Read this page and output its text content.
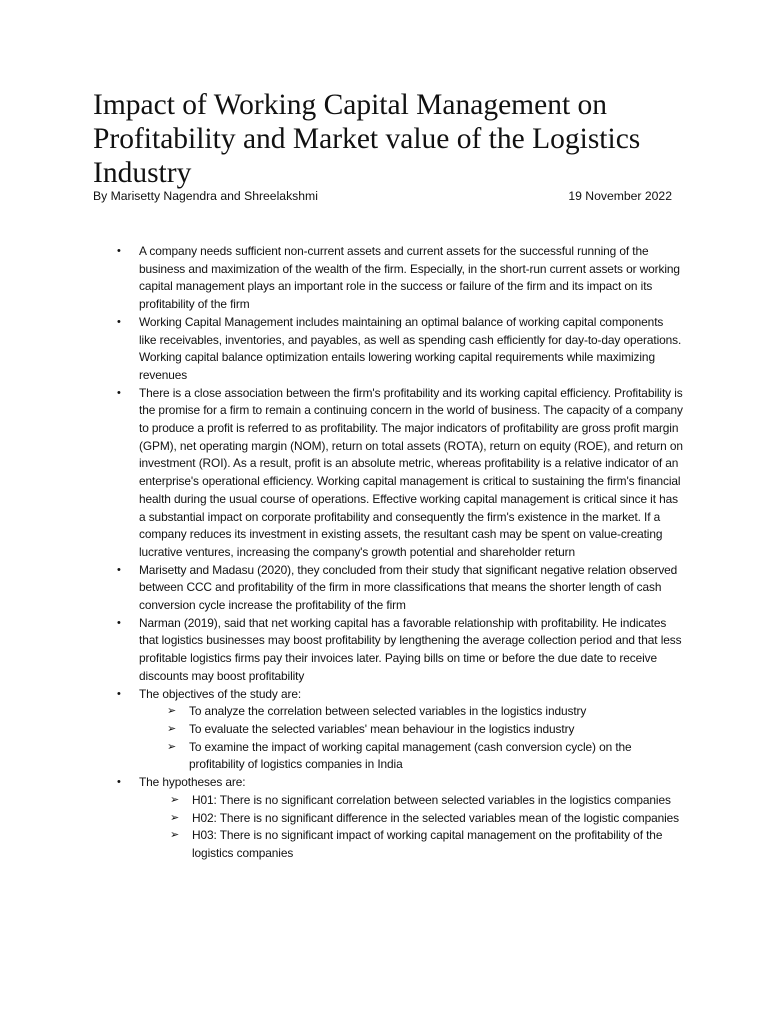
Impact of Working Capital Management on Profitability and Market value of the Logistics Industry
By Marisetty Nagendra and Shreelakshmi	19 November 2022
• A company needs sufficient non-current assets and current assets for the successful running of the business and maximization of the wealth of the firm. Especially, in the short-run current assets or working capital management plays an important role in the success or failure of the firm and its impact on its profitability of the firm
• Working Capital Management includes maintaining an optimal balance of working capital components like receivables, inventories, and payables, as well as spending cash efficiently for day-to-day operations. Working capital balance optimization entails lowering working capital requirements while maximizing revenues
• There is a close association between the firm's profitability and its working capital efficiency. Profitability is the promise for a firm to remain a continuing concern in the world of business. The capacity of a company to produce a profit is referred to as profitability. The major indicators of profitability are gross profit margin (GPM), net operating margin (NOM), return on total assets (ROTA), return on equity (ROE), and return on investment (ROI). As a result, profit is an absolute metric, whereas profitability is a relative indicator of an enterprise's operational efficiency. Working capital management is critical to sustaining the firm's financial health during the usual course of operations. Effective working capital management is critical since it has a substantial impact on corporate profitability and consequently the firm's existence in the market. If a company reduces its investment in existing assets, the resultant cash may be spent on value-creating lucrative ventures, increasing the company's growth potential and shareholder return
• Marisetty and Madasu (2020), they concluded from their study that significant negative relation observed between CCC and profitability of the firm in more classifications that means the shorter length of cash conversion cycle increase the profitability of the firm
• Narman (2019), said that net working capital has a favorable relationship with profitability. He indicates that logistics businesses may boost profitability by lengthening the average collection period and that less profitable logistics firms pay their invoices later. Paying bills on time or before the due date to receive discounts may boost profitability
• The objectives of the study are:
➢ To analyze the correlation between selected variables in the logistics industry
➢ To evaluate the selected variables' mean behaviour in the logistics industry
➢ To examine the impact of working capital management (cash conversion cycle) on the profitability of logistics companies in India
• The hypotheses are:
➢ H01: There is no significant correlation between selected variables in the logistics companies
➢ H02: There is no significant difference in the selected variables mean of the logistic companies
➢ H03: There is no significant impact of working capital management on the profitability of the logistics companies
